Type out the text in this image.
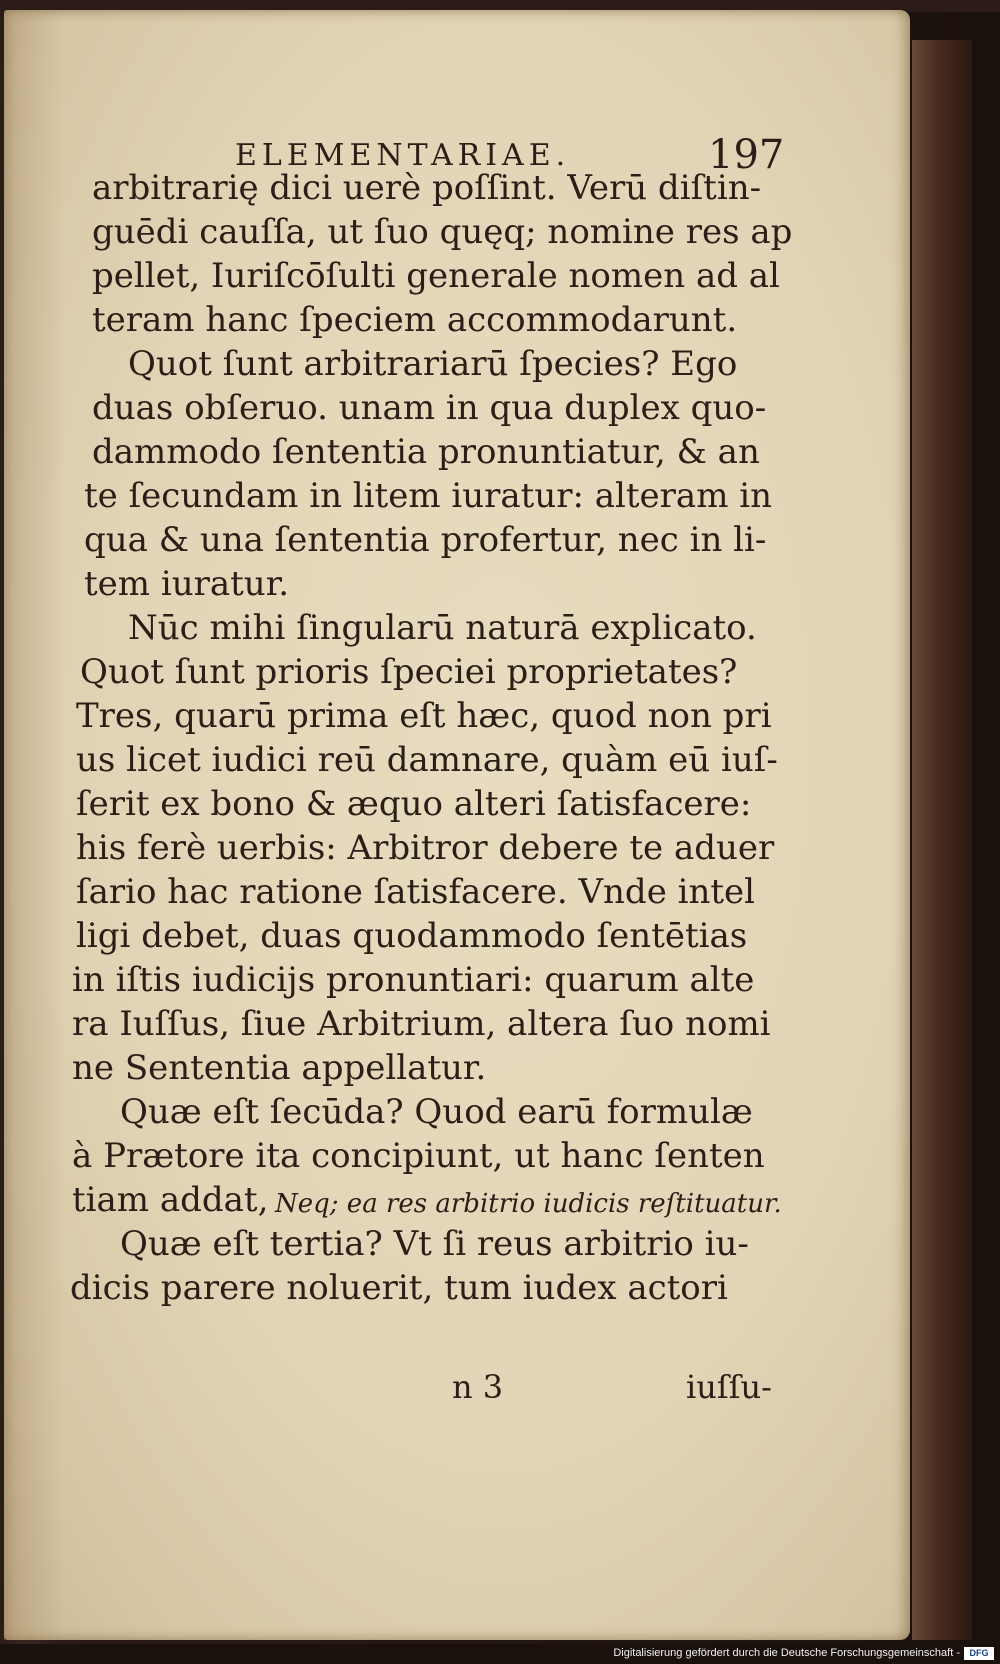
ELEMENTARIAE.	197
arbitrarię dici uerè poſſint. Verū diſtin-
guēdi cauſſa, ut ſuo quęq; nomine res ap
pellet, Iuriſcōſulti generale nomen ad al
teram hanc ſpeciem accommodarunt.
Quot ſunt arbitrariarū ſpecies? Ego
duas obſeruo. unam in qua duplex quo-
dammodo ſententia pronuntiatur, & an
te ſecundam in litem iuratur: alteram in
qua & una ſententia profertur, nec in li-
tem iuratur.
Nūc mihi ſingularū naturā explicato.
Quot ſunt prioris ſpeciei proprietates?
Tres, quarū prima eſt hæc, quod non pri
us licet iudici reū damnare, quàm eū iuſ-
ſerit ex bono & æquo alteri ſatisfacere:
his ferè uerbis: Arbitror debere te aduer
ſario hac ratione ſatisfacere. Vnde intel
ligi debet, duas quodammodo ſentētias
in iſtis iudicijs pronuntiari: quarum alte
ra Iuſſus, ſiue Arbitrium, altera ſuo nomi
ne Sententia appellatur.
Quæ eſt ſecūda? Quod earū formulæ
à Prætore ita concipiunt, ut hanc ſenten
tiam addat, Neq; ea res arbitrio iudicis reſtituatur.
Quæ eſt tertia? Vt ſi reus arbitrio iu-
dicis parere noluerit, tum iudex actori
n 3	iuſſu-
Digitalisierung gefördert durch die Deutsche Forschungsgemeinschaft -	DFG
